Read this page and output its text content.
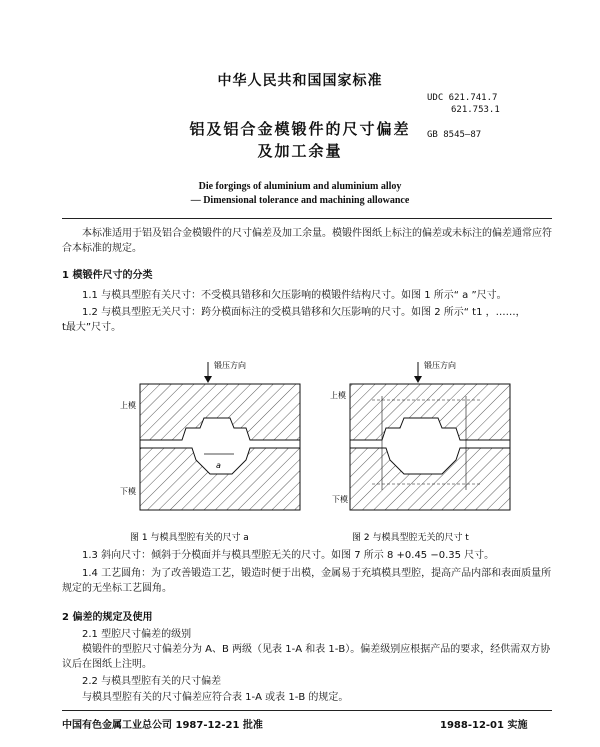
中华人民共和国国家标准
铝及铝合金模锻件的尺寸偏差
及加工余量
UDC 621.741.7
621.753.1
GB 8545—87
Die forgings of aluminium and aluminium alloy
— Dimensional tolerance and machining allowance
本标准适用于铝及铝合金模锻件的尺寸偏差及加工余量。模锻件图纸上标注的偏差或未标注的偏差通常应符合本标准的规定。
1 模锻件尺寸的分类
1.1 与模具型腔有关尺寸：不受模具错移和欠压影响的模锻件结构尺寸。如图 1 所示“ a ”尺寸。
1.2 与模具型腔无关尺寸：跨分模面标注的受模具错移和欠压影响的尺寸。如图 2 所示“ t1 ，……，
t最大”尺寸。
锻压方向
a
上模
下模
锻压方向
上模
下模
图 1 与模具型腔有关的尺寸 a	图 2 与模具型腔无关的尺寸 t
1.3 斜向尺寸：倾斜于分模面并与模具型腔无关的尺寸。如图 7 所示 8 +0.45 −0.35 尺寸。
1.4 工艺圆角：为了改善锻造工艺，锻造时便于出模，金属易于充填模具型腔，提高产品内部和表面质量所规定的无坐标工艺圆角。
2 偏差的规定及使用
2.1 型腔尺寸偏差的级别
模锻件的型腔尺寸偏差分为 A、B 两级（见表 1-A 和表 1-B）。偏差级别应根据产品的要求，经供需双方协议后在图纸上注明。
2.2 与模具型腔有关的尺寸偏差
与模具型腔有关的尺寸偏差应符合表 1-A 或表 1-B 的规定。
中国有色金属工业总公司 1987-12-21 批准	1988-12-01 实施
